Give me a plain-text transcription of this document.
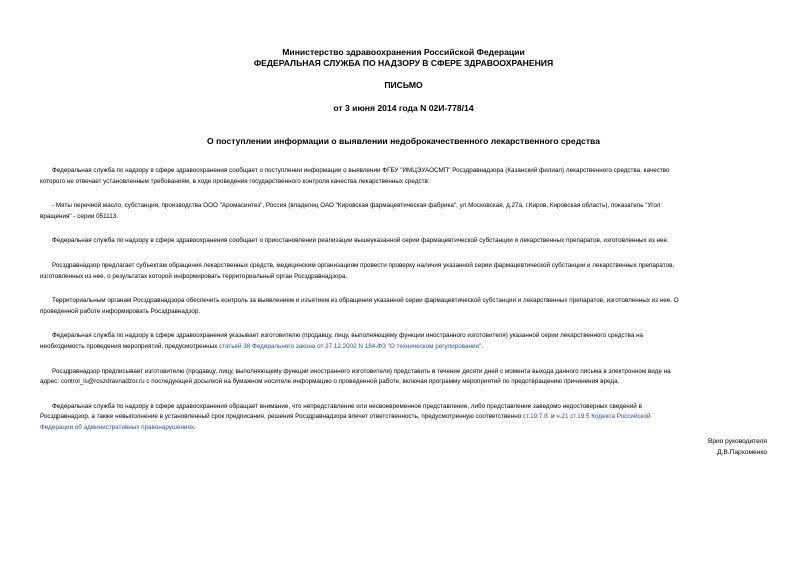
Министерство здравоохранения Российской Федерации
ФЕДЕРАЛЬНАЯ СЛУЖБА ПО НАДЗОРУ В СФЕРЕ ЗДРАВООХРАНЕНИЯ
ПИСЬМО
от 3 июня 2014 года N 02И-778/14
О поступлении информации о выявлении недоброкачественного лекарственного средства

Федеральная служба по надзору в сфере здравоохранения сообщает о поступлении информации о выявлении ФГБУ "ИМЦЭУАОСМП" Росздравнадзора (Казанский филиал) лекарственного средства, качество
которого не отвечает установленным требованиям, в ходе проведения государственного контроля качества лекарственных средств:

- Мяты перечной масло, субстанция, производства ООО "Аромасинтез", Россия (владелец ОАО "Кировская фармацевтическая фабрика", ул.Московская, д.27а, г.Киров, Кировская область), показатель "Угол
вращения" - серии 051113.

Федеральная служба по надзору в сфере здравоохранения сообщает о приостановлении реализации вышеуказанной серии фармацевтической субстанции и лекарственных препаратов, изготовленных из нее.

Росздравнадзор предлагает субъектам обращения лекарственных средств, медицинским организациям провести проверку наличия указанной серии фармацевтической субстанции и лекарственных препаратов,
изготовленных из нее, о результатах которой информировать территориальный орган Росздравнадзора.

Территориальным органам Росздравнадзора обеспечить контроль за выявлением и изъятием из обращения указанной серии фармацевтической субстанции и лекарственных препаратов, изготовленных из нее. О
проведенной работе информировать Росздравнадзор.

Федеральная служба по надзору в сфере здравоохранения указывает изготовителю (продавцу, лицу, выполняющему функции иностранного изготовителя) указанной серии лекарственного средства на
необходимость проведения мероприятий, предусмотренных статьей 38 Федерального закона от 27.12.2002 N 184-ФЗ "О техническом регулировании".

Росздравнадзор предписывает изготовителю (продавцу, лицу, выполняющему функции иностранного изготовителя) представить в течение десяти дней с момента выхода данного письма в электронном виде на
адрес: control_ls@roszdravnadzor.ru с последующей досылкой на бумажном носителе информацию о проведенной работе, включая программу мероприятий по предотвращению причинения вреда.

Федеральная служба по надзору в сфере здравоохранения обращает внимание, что непредставление или несвоевременное представление, либо представление заведомо недостоверных сведений в
Росздравнадзор, а также невыполнение в установленный срок предписания, решения Росздравнадзора влечет ответственность, предусмотренную соответственно ст.19.7.8. и ч.21 ст.19.5 Кодекса Российской
Федерации об административных правонарушениях.

Врио руководителя
Д.В.Пархоменко
